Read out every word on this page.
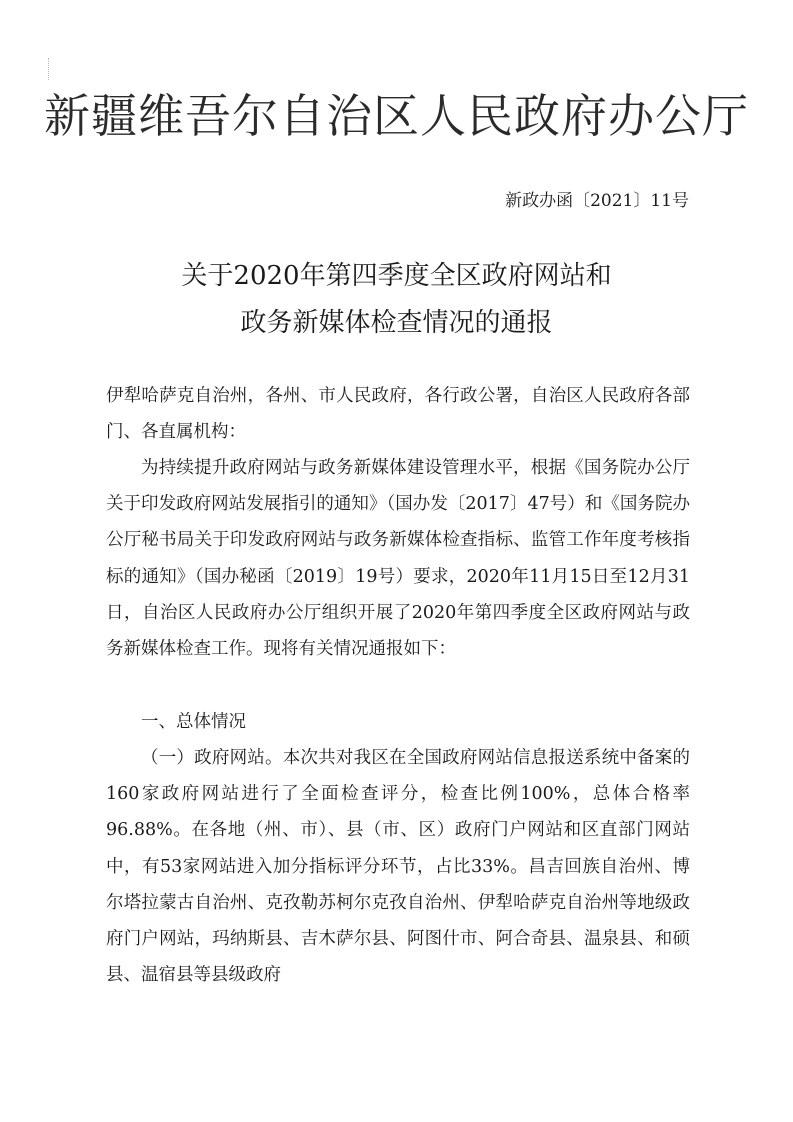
新疆维吾尔自治区人民政府办公厅
新政办函〔2021〕11号
关于2020年第四季度全区政府网站和
政务新媒体检查情况的通报
伊犁哈萨克自治州，各州、市人民政府，各行政公署，自治区人民政府各部门、各直属机构：
为持续提升政府网站与政务新媒体建设管理水平，根据《国务院办公厅关于印发政府网站发展指引的通知》（国办发〔2017〕47号）和《国务院办公厅秘书局关于印发政府网站与政务新媒体检查指标、监管工作年度考核指标的通知》（国办秘函〔2019〕19号）要求，2020年11月15日至12月31日，自治区人民政府办公厅组织开展了2020年第四季度全区政府网站与政务新媒体检查工作。现将有关情况通报如下：
一、总体情况
（一）政府网站。本次共对我区在全国政府网站信息报送系统中备案的160家政府网站进行了全面检查评分，检查比例100%，总体合格率96.88%。在各地（州、市）、县（市、区）政府门户网站和区直部门网站中，有53家网站进入加分指标评分环节，占比33%。昌吉回族自治州、博尔塔拉蒙古自治州、克孜勒苏柯尔克孜自治州、伊犁哈萨克自治州等地级政府门户网站，玛纳斯县、吉木萨尔县、阿图什市、阿合奇县、温泉县、和硕县、温宿县等县级政府
